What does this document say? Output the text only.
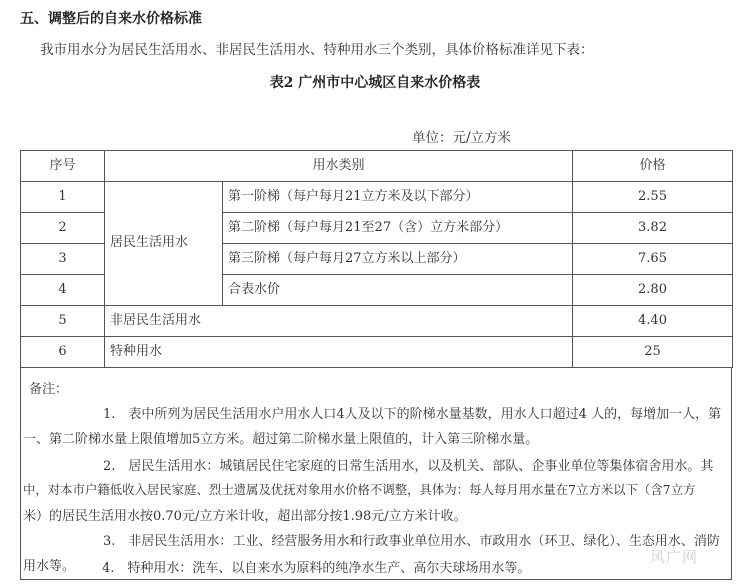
五、调整后的自来水价格标准
我市用水分为居民生活用水、非居民生活用水、特种用水三个类别，具体价格标准详见下表：
表2 广州市中心城区自来水价格表
单位：元/立方米
序号	用水类别		价格
1	居民生活用水	第一阶梯（每户每月21立方米及以下部分）	2.55
2		第二阶梯（每户每月21至27（含）立方米部分）	3.82
3		第三阶梯（每户每月27立方米以上部分）	7.65
4		合表水价	2.80
5	非居民生活用水		4.40
6	特种用水		25
备注：
1.　表中所列为居民生活用水户用水人口4人及以下的阶梯水量基数，用水人口超过4 人的，每增加一人，第
一、第二阶梯水量上限值增加5立方米。超过第二阶梯水量上限值的，计入第三阶梯水量。
2.　居民生活用水：城镇居民住宅家庭的日常生活用水，以及机关、部队、企事业单位等集体宿舍用水。其
中，对本市户籍低收入居民家庭、烈士遗属及优抚对象用水价格不调整，具体为：每人每月用水量在7立方米以下（含7立方
米）的居民生活用水按0.70元/立方米计收，超出部分按1.98元/立方米计收。
3.　非居民生活用水：工业、经营服务用水和行政事业单位用水、市政用水（环卫、绿化）、生态用水、消防
用水等。 4.　特种用水：洗车、以自来水为原料的纯净水生产、高尔夫球场用水等。
风广网
